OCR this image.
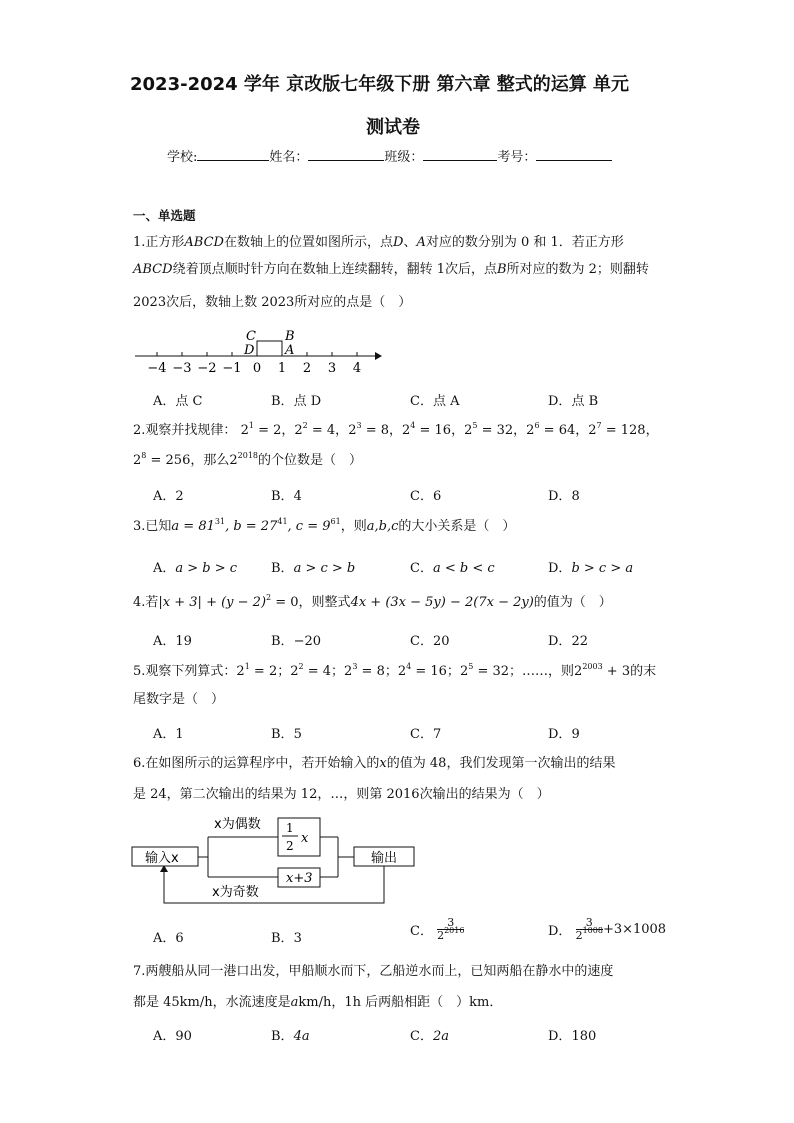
2023-2024 学年 京改版七年级下册 第六章 整式的运算 单元
测试卷
学校:	姓名：	班级：	考号：
一、单选题
1.正方形ABCD在数轴上的位置如图所示，点D、A对应的数分别为 0 和 1．若正方形
ABCD绕着顶点顺时针方向在数轴上连续翻转，翻转 1次后，点B所对应的数为 2；则翻转 2023次后，数轴上数 2023所对应的点是（　）
−4 −3 −2 −1 0 1 2 3 4
C B
D A
A．点 C	B．点 D	C．点 A	D．点 B
2.观察并找规律： $2^1 = 2$，$2^2 = 4$，$2^3 = 8$，$2^4 = 16$，$2^5 = 32$，$2^6 = 64$，$2^7 = 128$，
$2^8 = 256$，那么$2^{2018}$的个位数是（　）
A．2	B．4	C．6	D．8
3.已知$a = 81^{31}$, $b = 27^{41}$, $c = 9^{61}$，则a,b,c的大小关系是（　）
A．a > b > c	B．a > c > b	C．a < b < c	D．b > c > a
4.若$|x + 3| + (y - 2)^2 = 0$，则整式4x + (3x − 5y) − 2(7x − 2y)的值为（　）
A．19	B．−20	C．20	D．22
5.观察下列算式：$2^1 = 2$；$2^2 = 4$；$2^3 = 8$；$2^4 = 16$；$2^5 = 32$；……，则$2^{2003} + 3$的末
尾数字是（　）
A．1	B．5	C．7	D．9
6.在如图所示的运算程序中，若开始输入的x的值为 48，我们发现第一次输出的结果
是 24，第二次输出的结果为 12，…，则第 2016次输出的结果为（　）
输入x	输出
x为偶数
x为奇数
1
2 x
x+3
A．6	B．3	C． $\frac{3}{2^{2016}}$	D． $\frac{3}{2^{1008}} +3\times 1008$
7.两艘船从同一港口出发，甲船顺水而下，乙船逆水而上，已知两船在静水中的速度
都是 45km/h，水流速度是akm/h，1h 后两船相距（　）km．
A．90	B．4a	C．2a	D．180
